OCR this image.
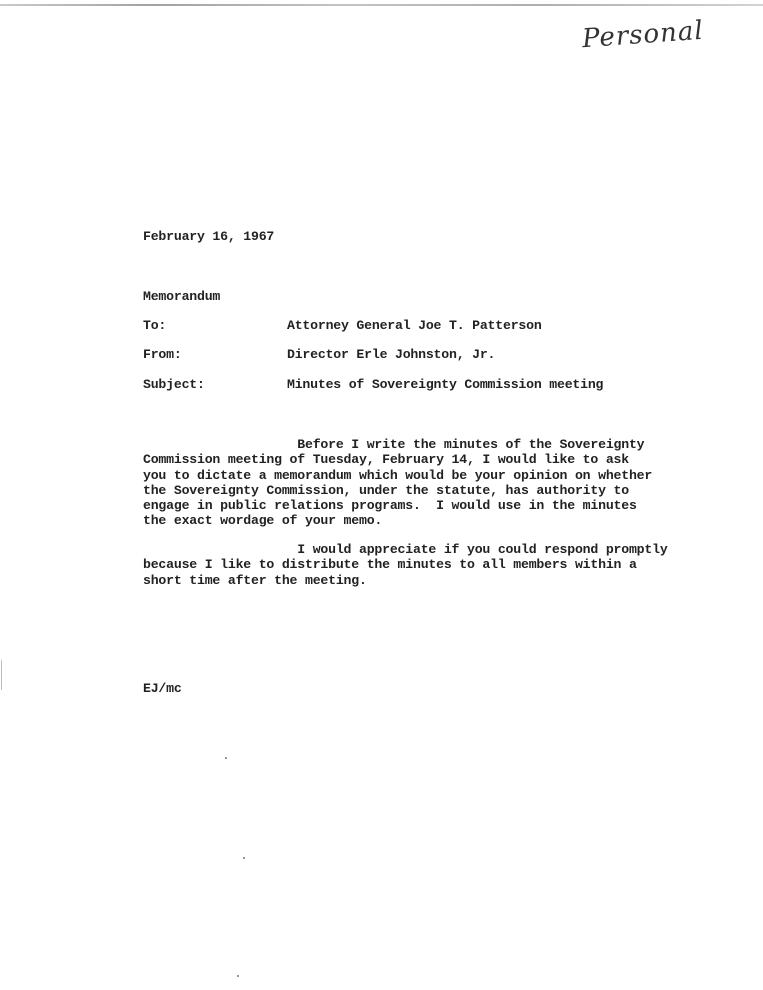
Personal
February 16, 1967
Memorandum
To:	Attorney General Joe T. Patterson
From:	Director Erle Johnston, Jr.
Subject:	Minutes of Sovereignty Commission meeting
Before I write the minutes of the Sovereignty
Commission meeting of Tuesday, February 14, I would like to ask
you to dictate a memorandum which would be your opinion on whether
the Sovereignty Commission, under the statute, has authority to
engage in public relations programs.  I would use in the minutes
the exact wordage of your memo.
I would appreciate if you could respond promptly
because I like to distribute the minutes to all members within a
short time after the meeting.
EJ/mc
